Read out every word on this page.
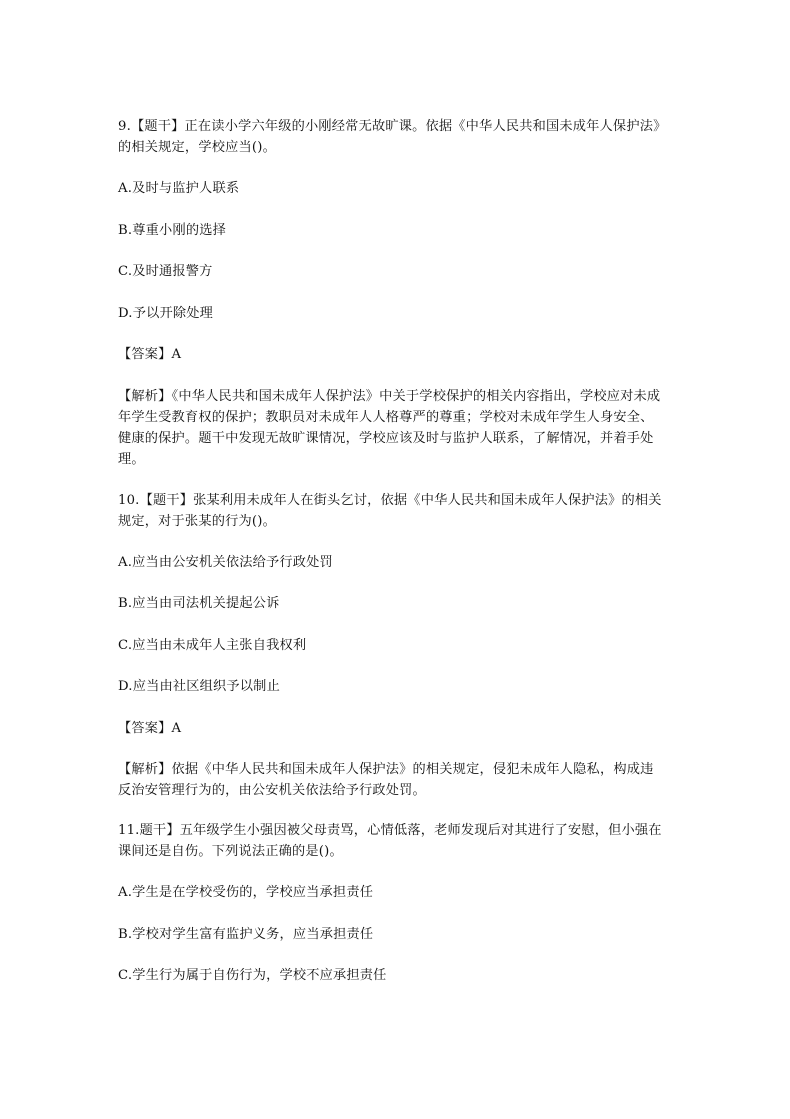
9.【题干】正在读小学六年级的小刚经常无故旷课。依据《中华人民共和国未成年人保护法》的相关规定，学校应当()。

A.及时与监护人联系

B.尊重小刚的选择

C.及时通报警方

D.予以开除处理

【答案】A

【解析】《中华人民共和国未成年人保护法》中关于学校保护的相关内容指出，学校应对未成年学生受教育权的保护；教职员对未成年人人格尊严的尊重；学校对未成年学生人身安全、健康的保护。题干中发现无故旷课情况，学校应该及时与监护人联系，了解情况，并着手处理。

10.【题干】张某利用未成年人在街头乞讨，依据《中华人民共和国未成年人保护法》的相关规定，对于张某的行为()。

A.应当由公安机关依法给予行政处罚

B.应当由司法机关提起公诉

C.应当由未成年人主张自我权利

D.应当由社区组织予以制止

【答案】A

【解析】依据《中华人民共和国未成年人保护法》的相关规定，侵犯未成年人隐私，构成违反治安管理行为的，由公安机关依法给予行政处罚。

11.题干】五年级学生小强因被父母责骂，心情低落，老师发现后对其进行了安慰，但小强在课间还是自伤。下列说法正确的是()。

A.学生是在学校受伤的，学校应当承担责任

B.学校对学生富有监护义务，应当承担责任

C.学生行为属于自伤行为，学校不应承担责任
